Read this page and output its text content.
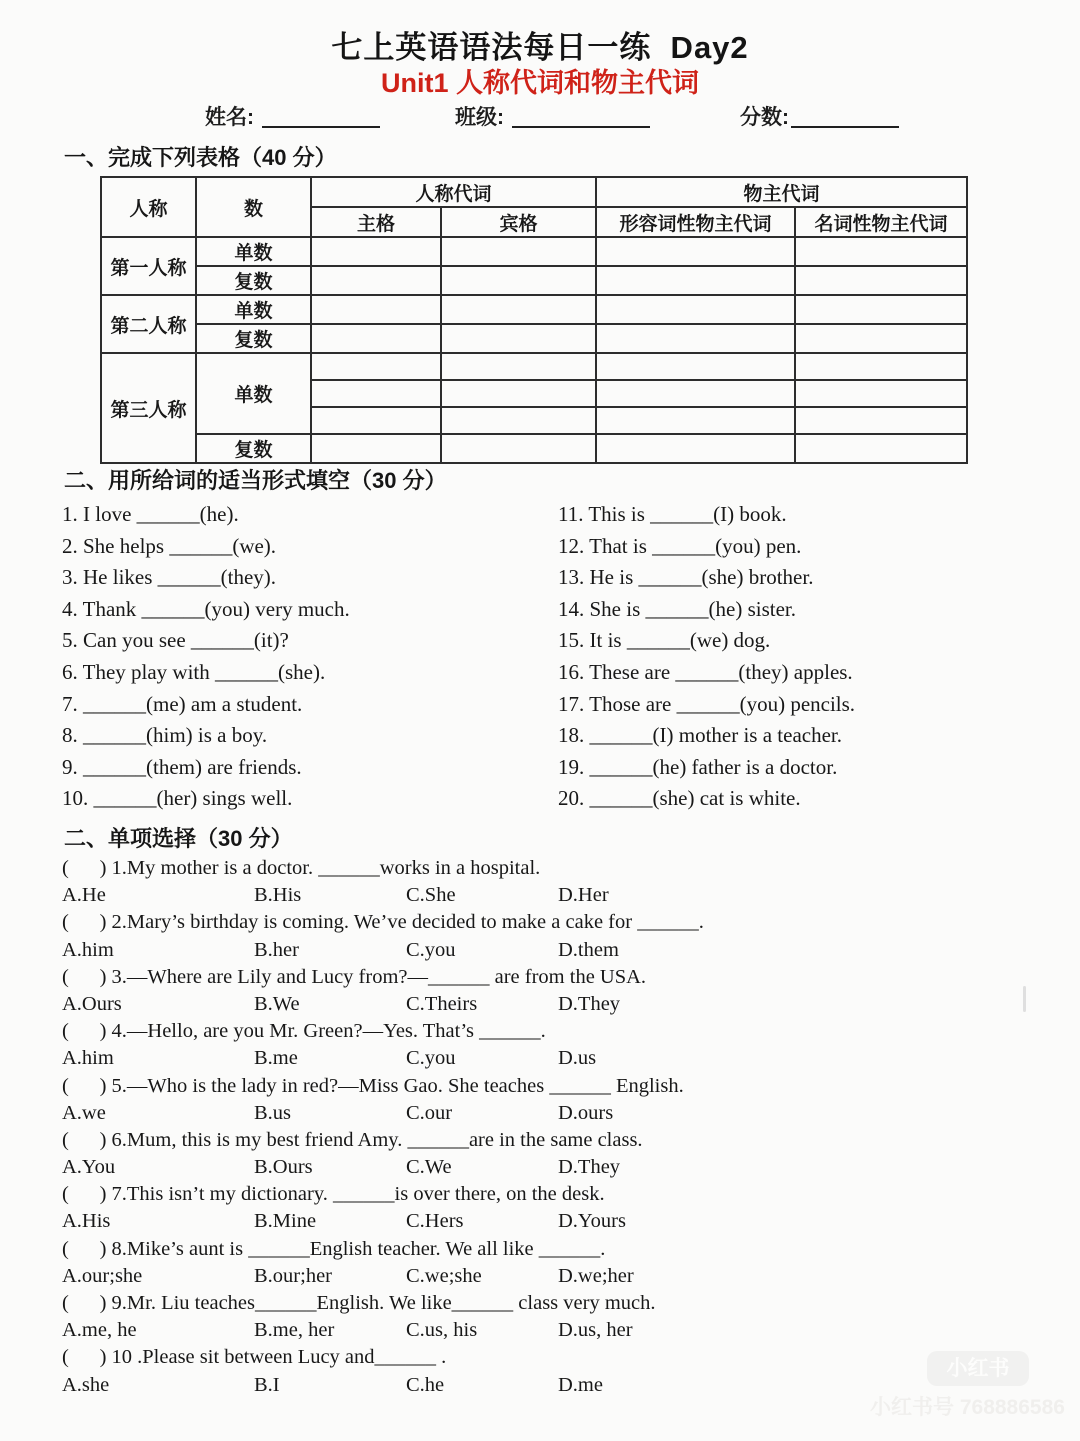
七上英语语法每日一练  Day2
Unit1 人称代词和物主代词
姓名:	班级:	分数:
一、完成下列表格（40 分）
人称	数	人称代词		物主代词	
		主格	宾格	形容词性物主代词	名词性物主代词
第一人称	单数				
	复数				
第二人称	单数				
	复数				
第三人称	单数				

	复数				
二、用所给词的适当形式填空（30 分）
1. I love ______(he).
2. She helps ______(we).
3. He likes ______(they).
4. Thank ______(you) very much.
5. Can you see ______(it)?
6. They play with ______(she).
7. ______(me) am a student.
8. ______(him) is a boy.
9. ______(them) are friends.
10. ______(her) sings well.
11. This is ______(I) book.
12. That is ______(you) pen.
13. He is ______(she) brother.
14. She is ______(he) sister.
15. It is ______(we) dog.
16. These are ______(they) apples.
17. Those are ______(you) pencils.
18. ______(I) mother is a teacher.
19. ______(he) father is a doctor.
20. ______(she) cat is white.
二、单项选择（30 分）
(      ) 1.My mother is a doctor. ______works in a hospital.
A.He	B.His	C.She	D.Her
(      ) 2.Mary’s birthday is coming. We’ve decided to make a cake for ______.
A.him	B.her	C.you	D.them
(      ) 3.—Where are Lily and Lucy from?—______ are from the USA.
A.Ours	B.We	C.Theirs	D.They
(      ) 4.—Hello, are you Mr. Green?—Yes. That’s ______.
A.him	B.me	C.you	D.us
(      ) 5.—Who is the lady in red?—Miss Gao. She teaches ______ English.
A.we	B.us	C.our	D.ours
(      ) 6.Mum, this is my best friend Amy. ______are in the same class.
A.You	B.Ours	C.We	D.They
(      ) 7.This isn’t my dictionary. ______is over there, on the desk.
A.His	B.Mine	C.Hers	D.Yours
(      ) 8.Mike’s aunt is ______English teacher. We all like ______.
A.our;she	B.our;her	C.we;she	D.we;her
(      ) 9.Mr. Liu teaches______English. We like______ class very much.
A.me, he	B.me, her	C.us, his	D.us, her
(      ) 10 .Please sit between Lucy and______ .
A.she	B.I	C.he	D.me
小红书
小红书号 768886586
